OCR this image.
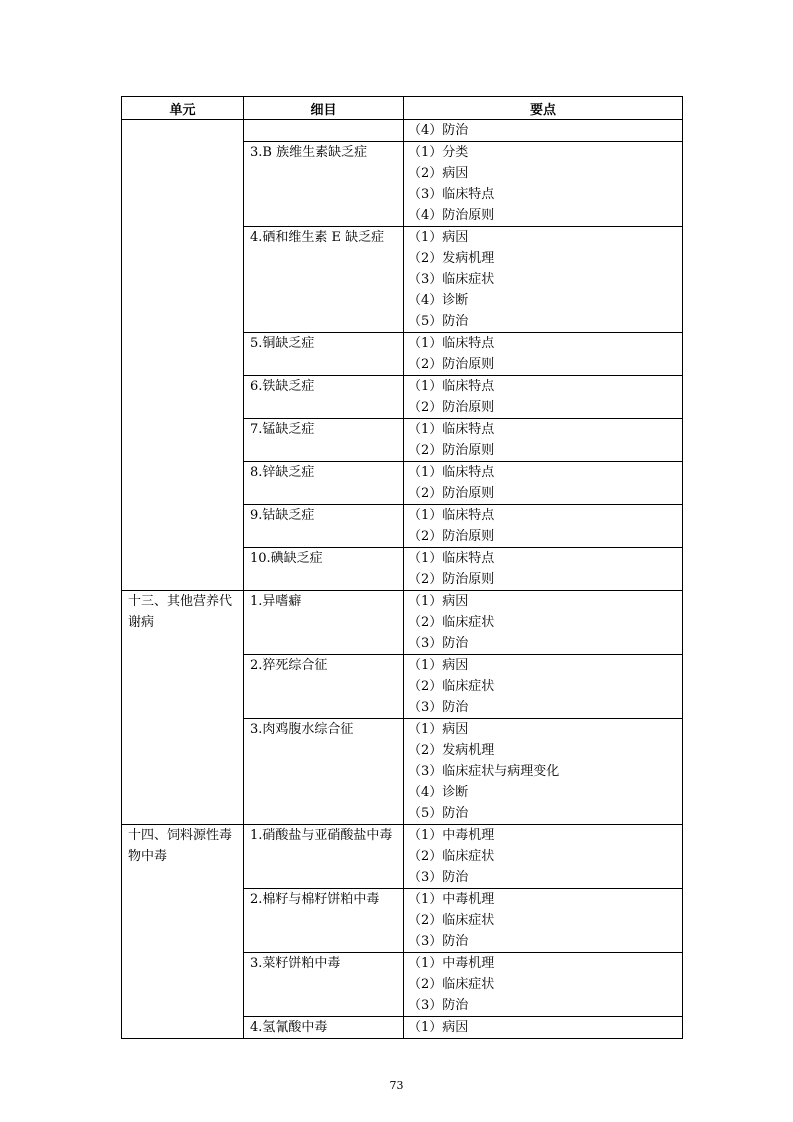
单元	细目	要点

		（4）防治

	3.B 族维生素缺乏症	（1）分类
（2）病因
（3）临床特点
（4）防治原则

	4.硒和维生素 E 缺乏症	（1）病因
（2）发病机理
（3）临床症状
（4）诊断
（5）防治

	5.铜缺乏症	（1）临床特点
（2）防治原则

	6.铁缺乏症	（1）临床特点
（2）防治原则

	7.锰缺乏症	（1）临床特点
（2）防治原则

	8.锌缺乏症	（1）临床特点
（2）防治原则

	9.钴缺乏症	（1）临床特点
（2）防治原则

	10.碘缺乏症	（1）临床特点
（2）防治原则

十三、其他营养代谢病	1.异嗜癖	（1）病因
（2）临床症状
（3）防治

	2.猝死综合征	（1）病因
（2）临床症状
（3）防治

	3.肉鸡腹水综合征	（1）病因
（2）发病机理
（3）临床症状与病理变化
（4）诊断
（5）防治

十四、饲料源性毒物中毒	1.硝酸盐与亚硝酸盐中毒	（1）中毒机理
（2）临床症状
（3）防治

	2.棉籽与棉籽饼粕中毒	（1）中毒机理
（2）临床症状
（3）防治

	3.菜籽饼粕中毒	（1）中毒机理
（2）临床症状
（3）防治

	4.氢氰酸中毒	（1）病因
73
